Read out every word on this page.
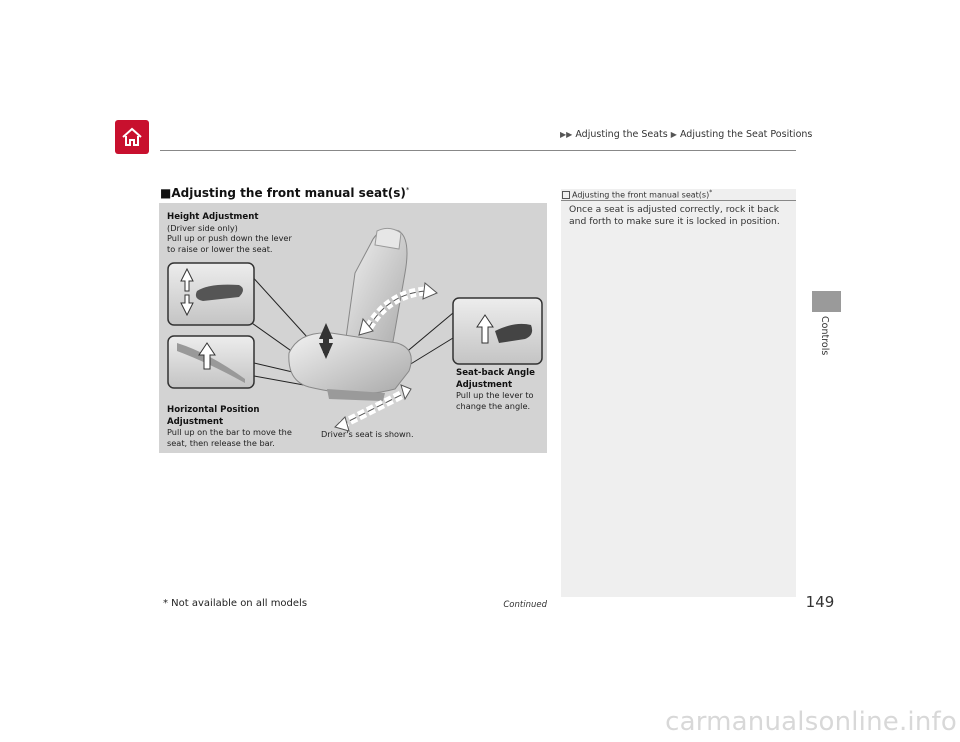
▶▶ Adjusting the Seats ▶ Adjusting the Seat Positions
Controls
■Adjusting the front manual seat(s)*
Height Adjustment
(Driver side only)
Pull up or push down the lever
to raise or lower the seat.
Horizontal Position
Adjustment
Pull up on the bar to move the
seat, then release the bar.
Seat-back Angle
Adjustment
Pull up the lever to
change the angle.
Driver's seat is shown.
Adjusting the front manual seat(s)*
Once a seat is adjusted correctly, rock it back and forth to make sure it is locked in position.
* Not available on all models	Continued	149
carmanualsonline.info
